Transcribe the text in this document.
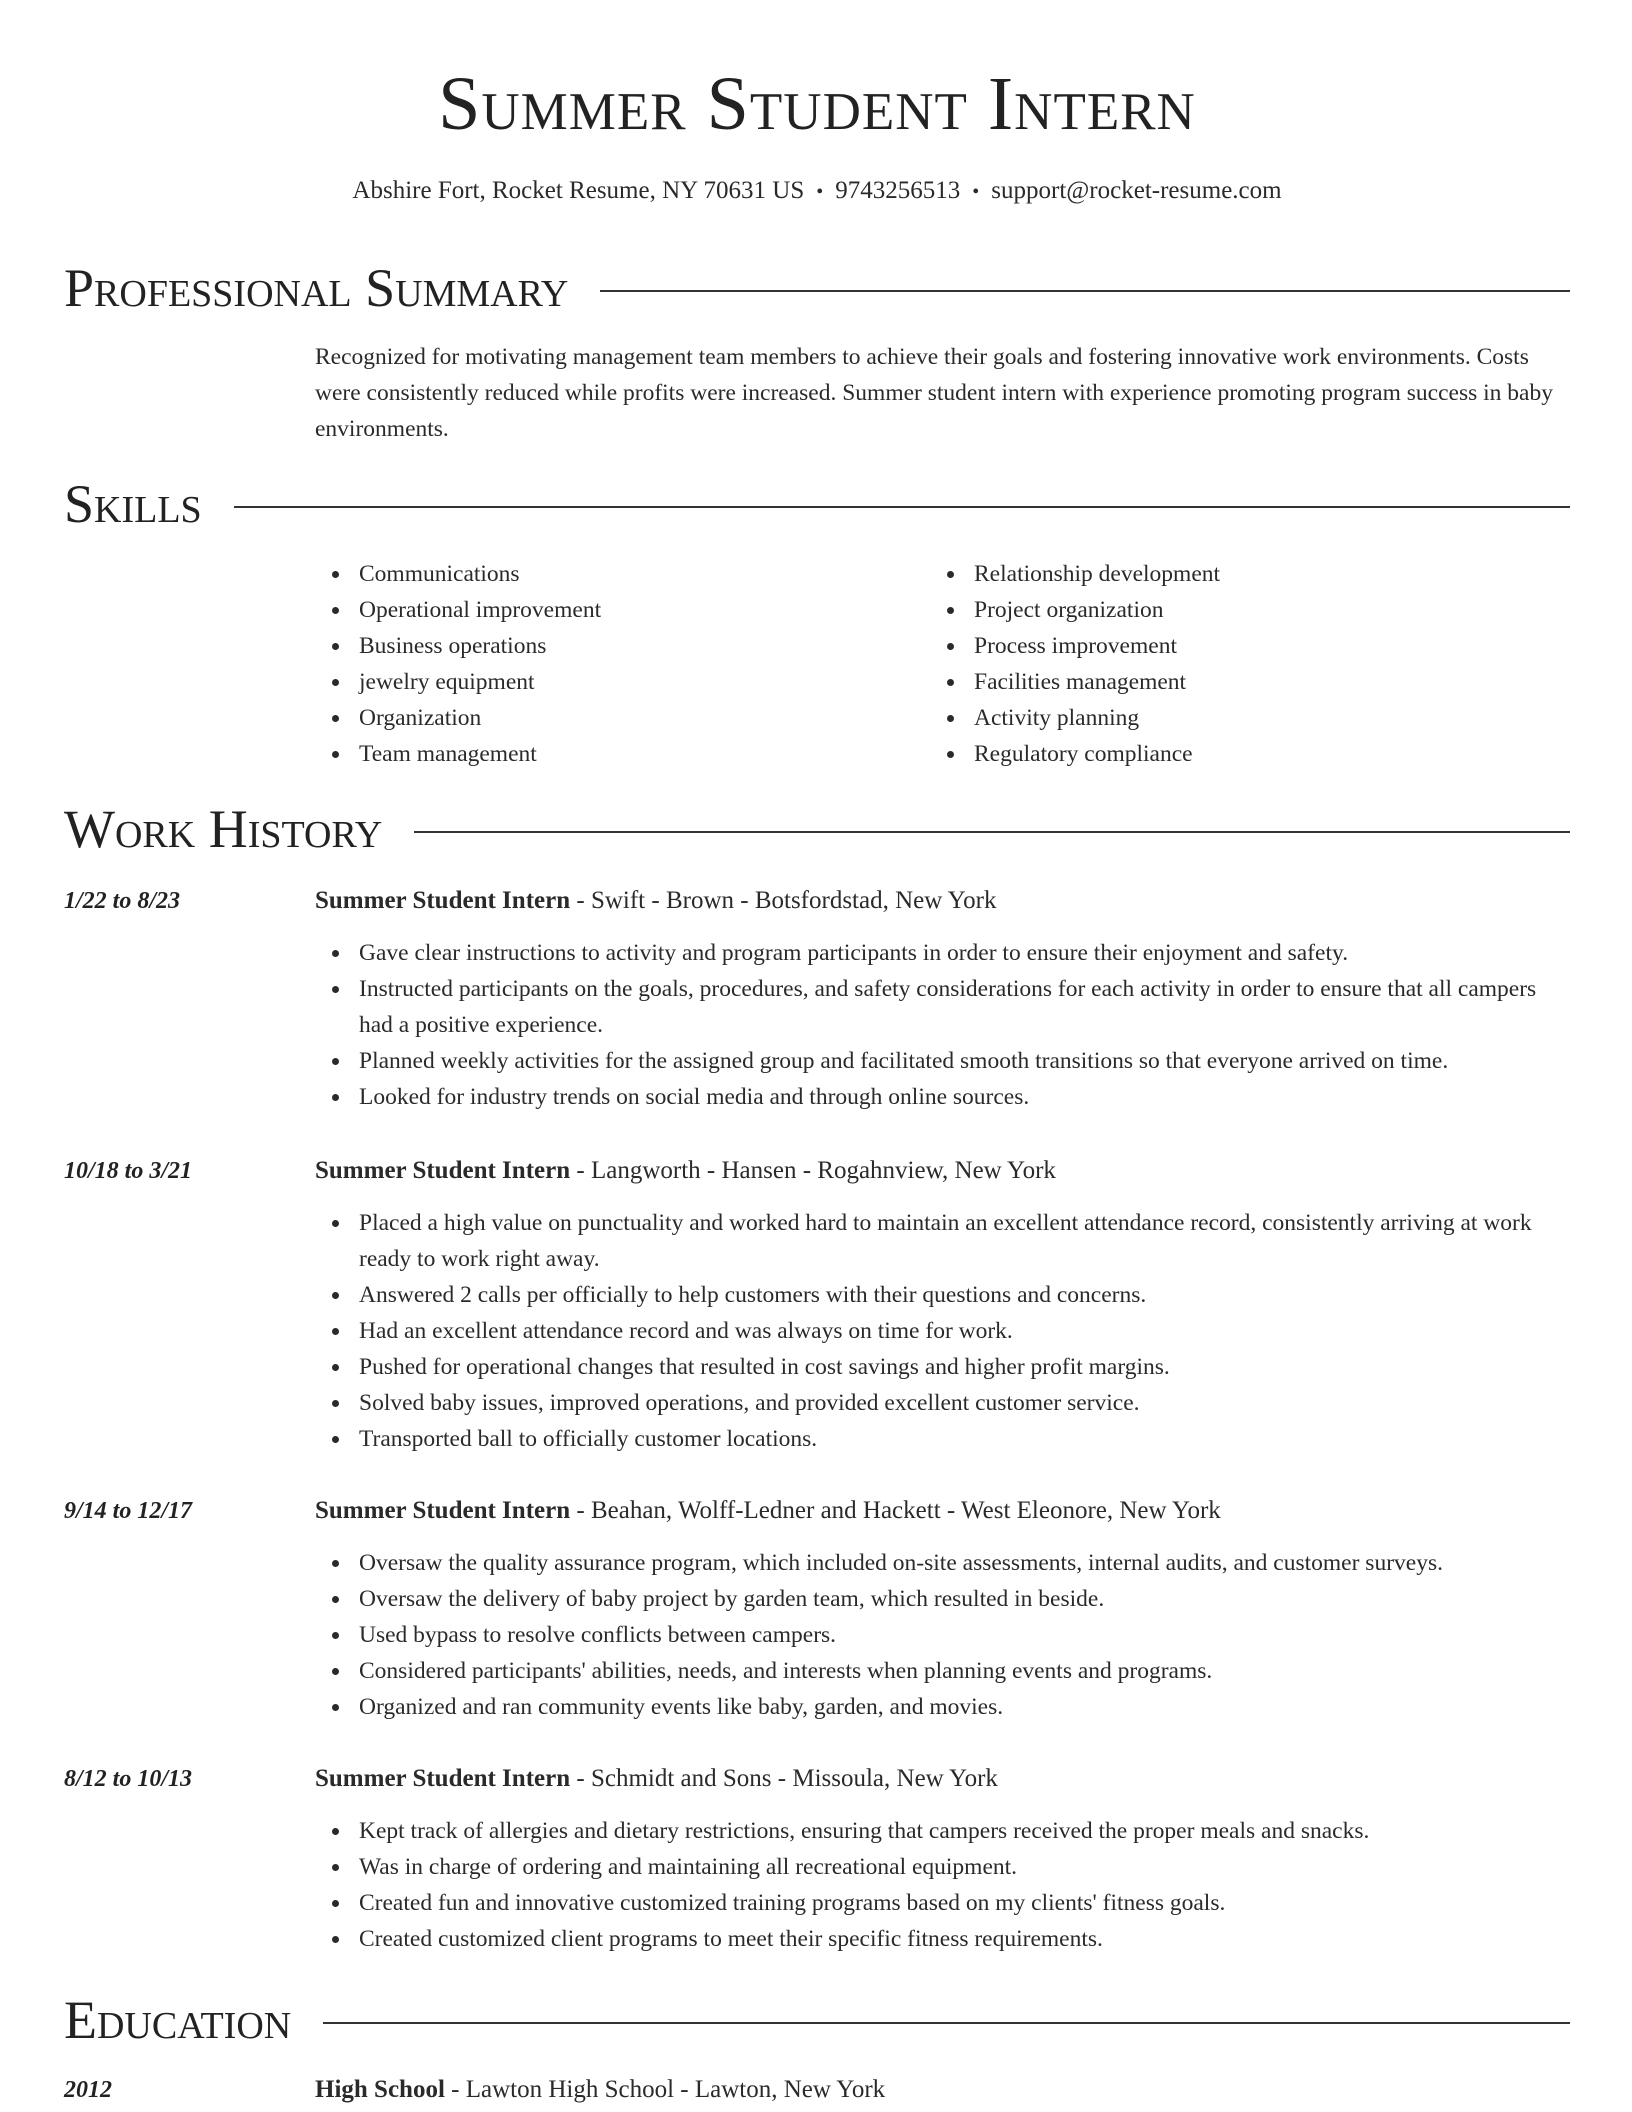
Summer Student Intern
Abshire Fort, Rocket Resume, NY 70631 US • 9743256513 • support@rocket-resume.com
Professional Summary
Recognized for motivating management team members to achieve their goals and fostering innovative work environments. Costs were consistently reduced while profits were increased. Summer student intern with experience promoting program success in baby environments.
Skills
Communications
Operational improvement
Business operations
jewelry equipment
Organization
Team management
Relationship development
Project organization
Process improvement
Facilities management
Activity planning
Regulatory compliance
Work History
1/22 to 8/23	Summer Student Intern - Swift - Brown - Botsfordstad, New York
Gave clear instructions to activity and program participants in order to ensure their enjoyment and safety.
Instructed participants on the goals, procedures, and safety considerations for each activity in order to ensure that all campers had a positive experience.
Planned weekly activities for the assigned group and facilitated smooth transitions so that everyone arrived on time.
Looked for industry trends on social media and through online sources.
10/18 to 3/21	Summer Student Intern - Langworth - Hansen - Rogahnview, New York
Placed a high value on punctuality and worked hard to maintain an excellent attendance record, consistently arriving at work ready to work right away.
Answered 2 calls per officially to help customers with their questions and concerns.
Had an excellent attendance record and was always on time for work.
Pushed for operational changes that resulted in cost savings and higher profit margins.
Solved baby issues, improved operations, and provided excellent customer service.
Transported ball to officially customer locations.
9/14 to 12/17	Summer Student Intern - Beahan, Wolff-Ledner and Hackett - West Eleonore, New York
Oversaw the quality assurance program, which included on-site assessments, internal audits, and customer surveys.
Oversaw the delivery of baby project by garden team, which resulted in beside.
Used bypass to resolve conflicts between campers.
Considered participants' abilities, needs, and interests when planning events and programs.
Organized and ran community events like baby, garden, and movies.
8/12 to 10/13	Summer Student Intern - Schmidt and Sons - Missoula, New York
Kept track of allergies and dietary restrictions, ensuring that campers received the proper meals and snacks.
Was in charge of ordering and maintaining all recreational equipment.
Created fun and innovative customized training programs based on my clients' fitness goals.
Created customized client programs to meet their specific fitness requirements.
Education
2012	High School - Lawton High School - Lawton, New York
